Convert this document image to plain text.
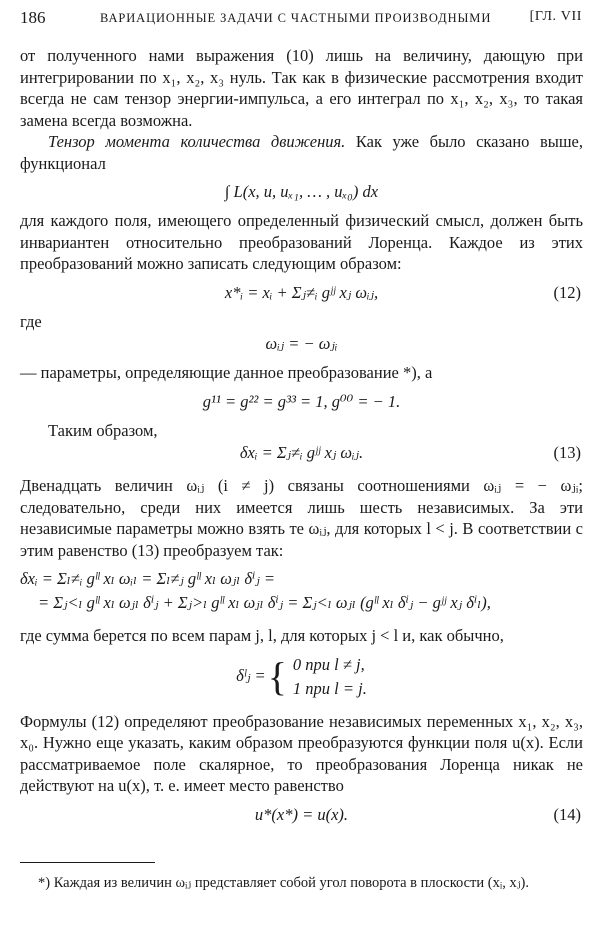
186	ВАРИАЦИОННЫЕ ЗАДАЧИ С ЧАСТНЫМИ ПРОИЗВОДНЫМИ	[ГЛ. VII

от полученного нами выражения (10) лишь на величину, дающую при интегрировании по x₁, x₂, x₃ нуль. Так как в физические рассмотрения входит всегда не сам тензор энергии-импульса, а его интеграл по x₁, x₂, x₃, то такая замена всегда возможна.

Тензор момента количества движения. Как уже было сказано выше, функционал

∫ L(x, u, uₓ₁, … , uₓ₀) dx

для каждого поля, имеющего определенный физический смысл, должен быть инвариантен относительно преобразований Лоренца. Каждое из этих преобразований можно записать следующим образом:

x*ᵢ = xᵢ + Σⱼ≠ᵢ gʲʲ xⱼ ωᵢⱼ,	(12)

где

ωᵢⱼ = − ωⱼᵢ

— параметры, определяющие данное преобразование *), а

g¹¹ = g²² = g³³ = 1, g⁰⁰ = − 1.

Таким образом,

δxᵢ = Σⱼ≠ᵢ gʲʲ xⱼ ωᵢⱼ.	(13)

Двенадцать величин ωᵢⱼ (i ≠ j) связаны соотношениями ωᵢⱼ = − ωⱼᵢ; следовательно, среди них имеется лишь шесть независимых. За эти независимые параметры можно взять те ωᵢⱼ, для которых l < j. В соответствии с этим равенство (13) преобразуем так:

δxᵢ = Σₗ≠ᵢ gˡˡ xₗ ωᵢₗ = Σₗ≠ⱼ gˡˡ xₗ ωⱼₗ δⁱⱼ =
= Σⱼ<ₗ gˡˡ xₗ ωⱼₗ δⁱⱼ + Σⱼ>ₗ gˡˡ xₗ ωⱼₗ δⁱⱼ = Σⱼ<ₗ ωⱼₗ (gˡˡ xₗ δⁱⱼ − gʲʲ xⱼ δⁱₗ),

где сумма берется по всем парам j, l, для которых j < l и, как обычно,

δˡⱼ ={ 0 при l ≠ j,
1 при l = j.

Формулы (12) определяют преобразование независимых переменных x₁, x₂, x₃, x₀. Нужно еще указать, каким образом преобразуются функции поля u(x). Если рассматриваемое поле скалярное, то преобразования Лоренца никак не действуют на u(x), т. е. имеет место равенство

u*(x*) = u(x).	(14)
*) Каждая из величин ωᵢⱼ представляет собой угол поворота в плоскости (xᵢ, xⱼ).
